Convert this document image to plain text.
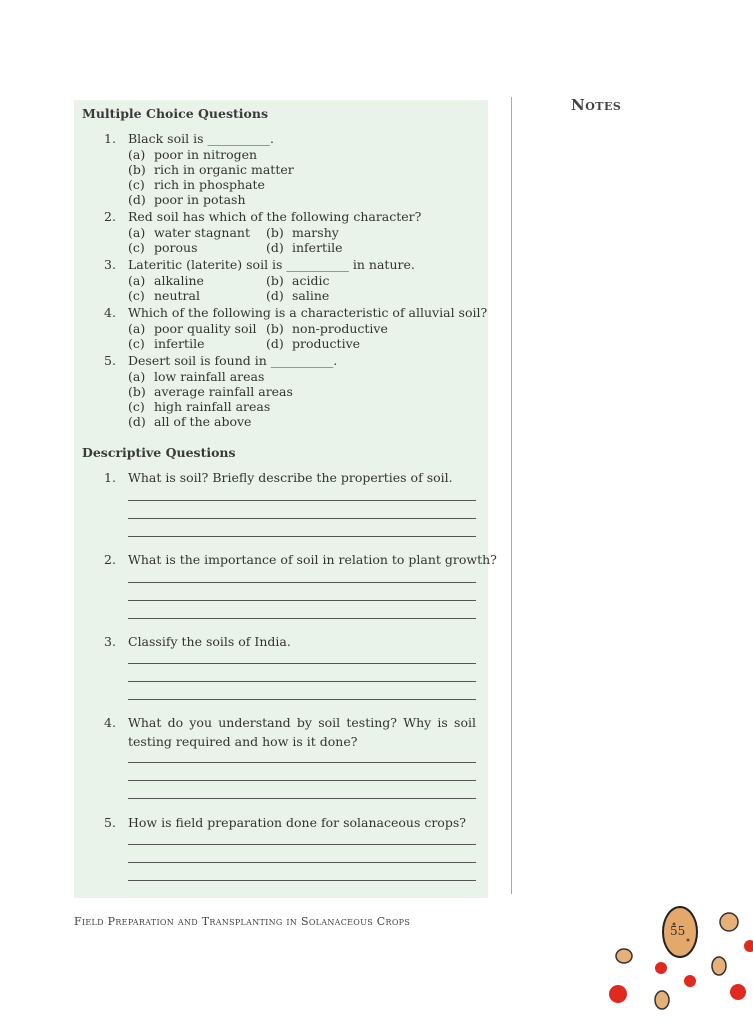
Notes
Multiple Choice Questions
1. Black soil is __________.
(a) poor in nitrogen
(b) rich in organic matter
(c) rich in phosphate
(d) poor in potash
2. Red soil has which of the following character?
(a) water stagnant (b) marshy
(c) porous	(d) infertile
3. Lateritic (laterite) soil is __________ in nature.
(a) alkaline	(b) acidic
(c) neutral	(d) saline
4. Which of the following is a characteristic of alluvial soil?
(a) poor quality soil (b) non-productive
(c) infertile	(d) productive
5. Desert soil is found in __________.
(a) low rainfall areas
(b) average rainfall areas
(c) high rainfall areas
(d) all of the above
Descriptive Questions
1. What is soil? Briefly describe the properties of soil.
2. What is the importance of soil in relation to plant growth?
3. Classify the soils of India.
4. What do you understand by soil testing? Why is soil
testing required and how is it done?
5. How is field preparation done for solanaceous crops?
Field Preparation and Transplanting in Solanaceous Crops
55
